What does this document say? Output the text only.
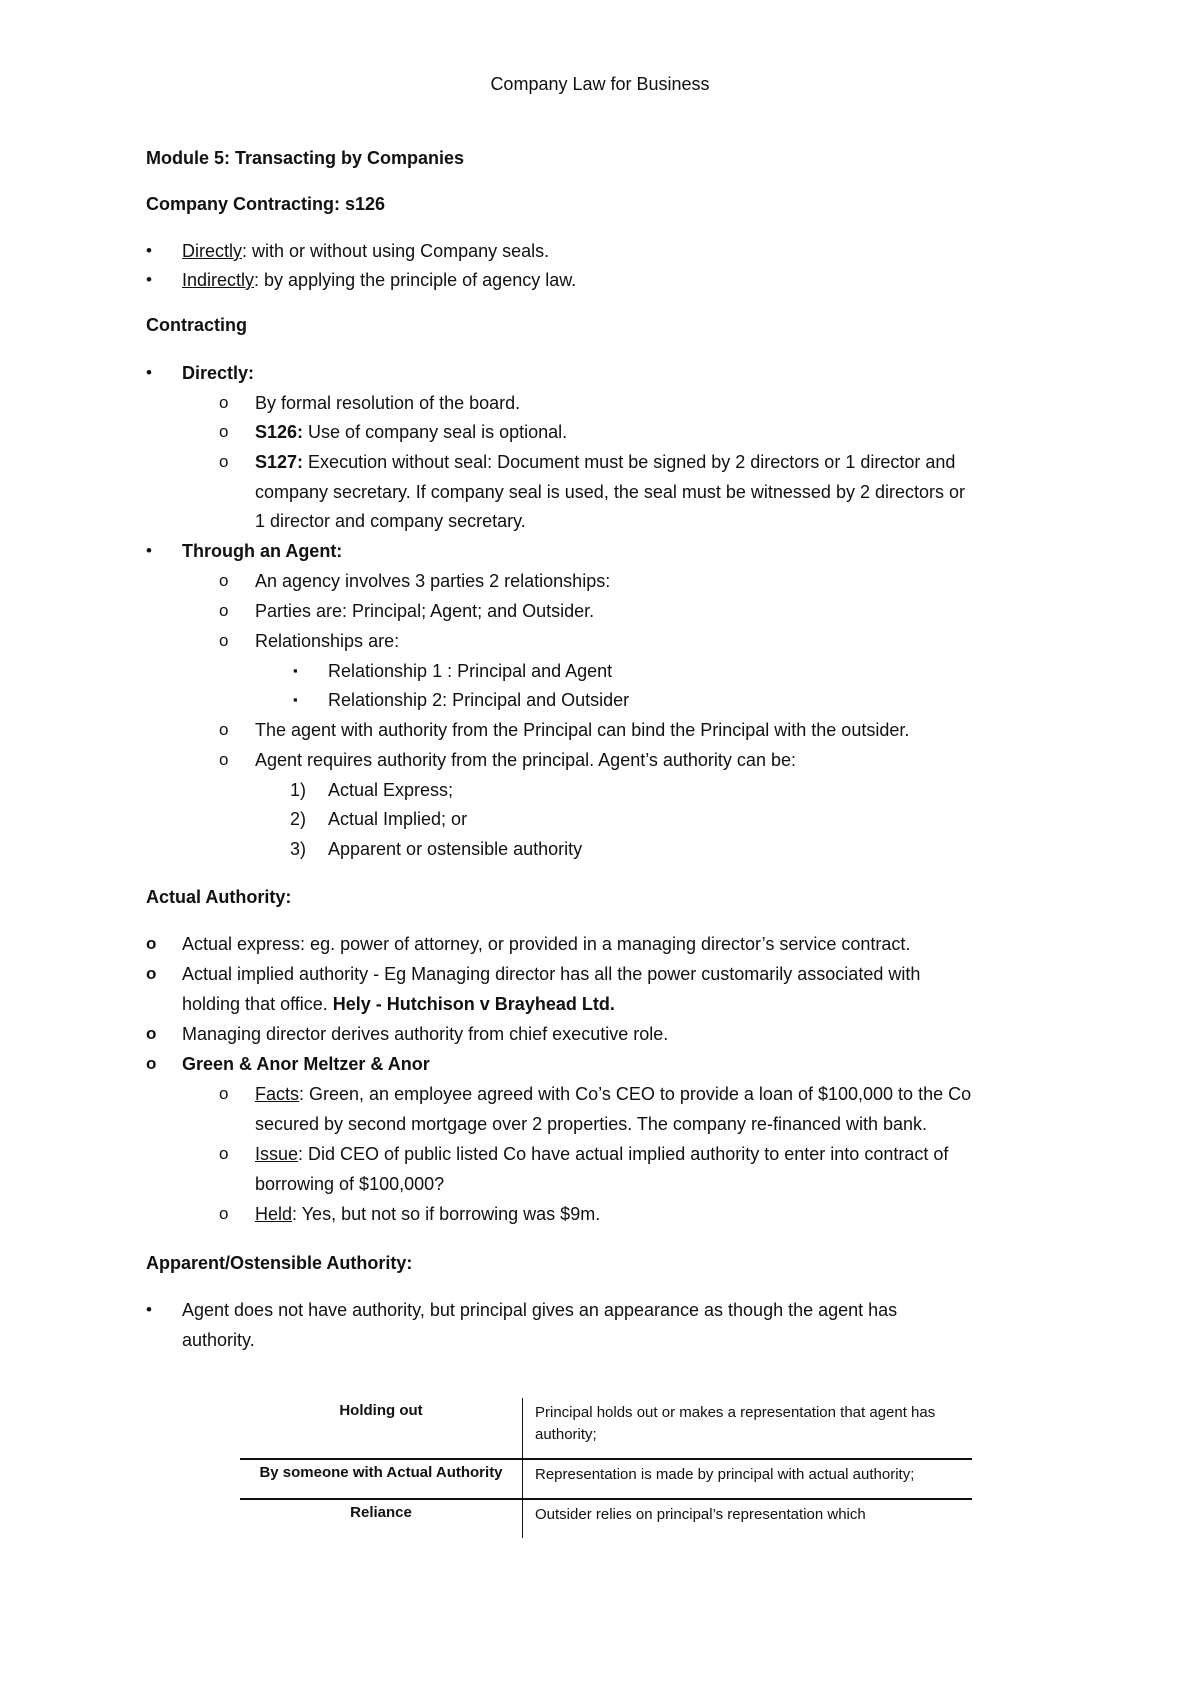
Company Law for Business
Module 5: Transacting by Companies
Company Contracting: s126
• Directly: with or without using Company seals.
• Indirectly: by applying the principle of agency law.
Contracting
• Directly:
o By formal resolution of the board.
o S126: Use of company seal is optional.
o S127: Execution without seal: Document must be signed by 2 directors or 1 director and
company secretary. If company seal is used, the seal must be witnessed by 2 directors or
1 director and company secretary.
• Through an Agent:
o An agency involves 3 parties 2 relationships:
o Parties are: Principal; Agent; and Outsider.
o Relationships are:
▪ Relationship 1 : Principal and Agent
▪ Relationship 2: Principal and Outsider
o The agent with authority from the Principal can bind the Principal with the outsider.
o Agent requires authority from the principal. Agent’s authority can be:
1) Actual Express;
2) Actual Implied; or
3) Apparent or ostensible authority
Actual Authority:
o Actual express: eg. power of attorney, or provided in a managing director’s service contract.
o Actual implied authority - Eg Managing director has all the power customarily associated with
holding that office. Hely - Hutchison v Brayhead Ltd.
o Managing director derives authority from chief executive role.
o Green & Anor Meltzer & Anor
o Facts: Green, an employee agreed with Co’s CEO to provide a loan of $100,000 to the Co
secured by second mortgage over 2 properties. The company re-financed with bank.
o Issue: Did CEO of public listed Co have actual implied authority to enter into contract of
borrowing of $100,000?
o Held: Yes, but not so if borrowing was $9m.
Apparent/Ostensible Authority:
• Agent does not have authority, but principal gives an appearance as though the agent has
authority.
Holding out	Principal holds out or makes a representation that agent has authority;
By someone with Actual Authority	Representation is made by principal with actual authority;
Reliance	Outsider relies on principal’s representation which
